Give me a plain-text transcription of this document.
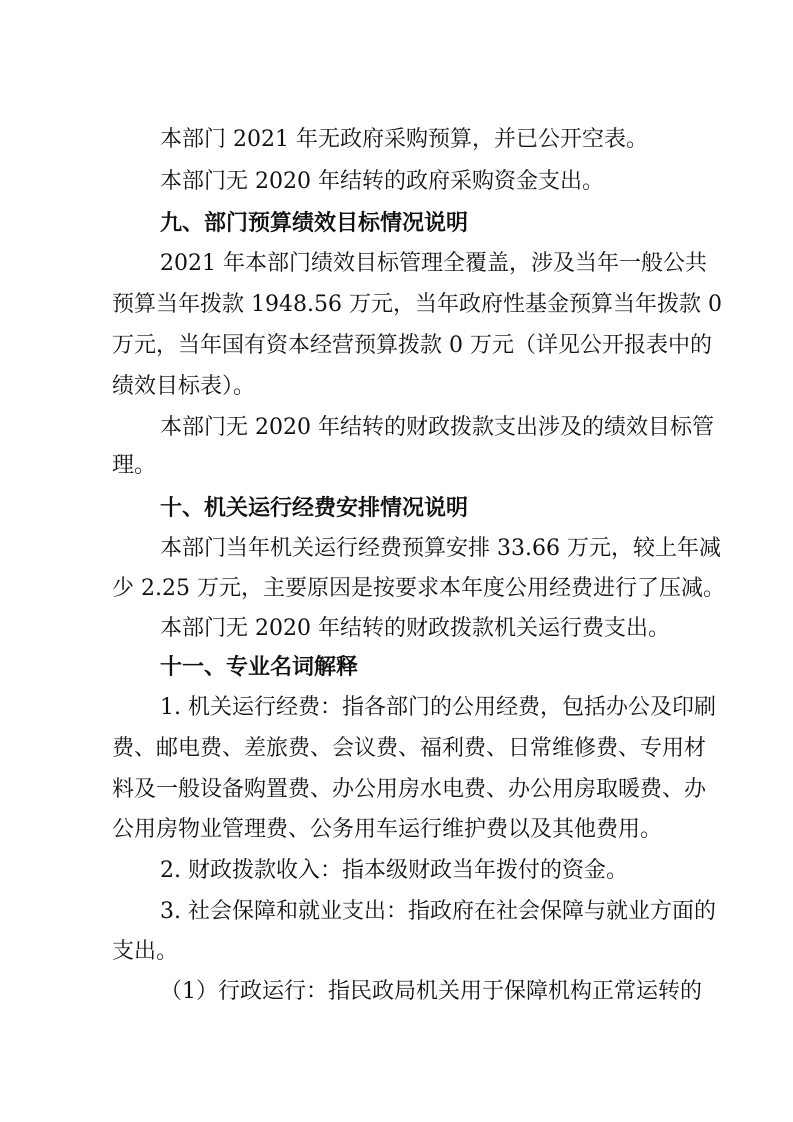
本部门 2021 年无政府采购预算，并已公开空表。
本部门无 2020 年结转的政府采购资金支出。
九、部门预算绩效目标情况说明
2021 年本部门绩效目标管理全覆盖，涉及当年一般公共
预算当年拨款 1948.56 万元，当年政府性基金预算当年拨款 0
万元，当年国有资本经营预算拨款 0 万元（详见公开报表中的
绩效目标表）。
本部门无 2020 年结转的财政拨款支出涉及的绩效目标管
理。
十、机关运行经费安排情况说明
本部门当年机关运行经费预算安排 33.66 万元，较上年减
少 2.25 万元，主要原因是按要求本年度公用经费进行了压减。
本部门无 2020 年结转的财政拨款机关运行费支出。
十一、专业名词解释
1. 机关运行经费：指各部门的公用经费，包括办公及印刷
费、邮电费、差旅费、会议费、福利费、日常维修费、专用材
料及一般设备购置费、办公用房水电费、办公用房取暖费、办
公用房物业管理费、公务用车运行维护费以及其他费用。
2. 财政拨款收入：指本级财政当年拨付的资金。
3. 社会保障和就业支出：指政府在社会保障与就业方面的
支出。
（1）行政运行：指民政局机关用于保障机构正常运转的
